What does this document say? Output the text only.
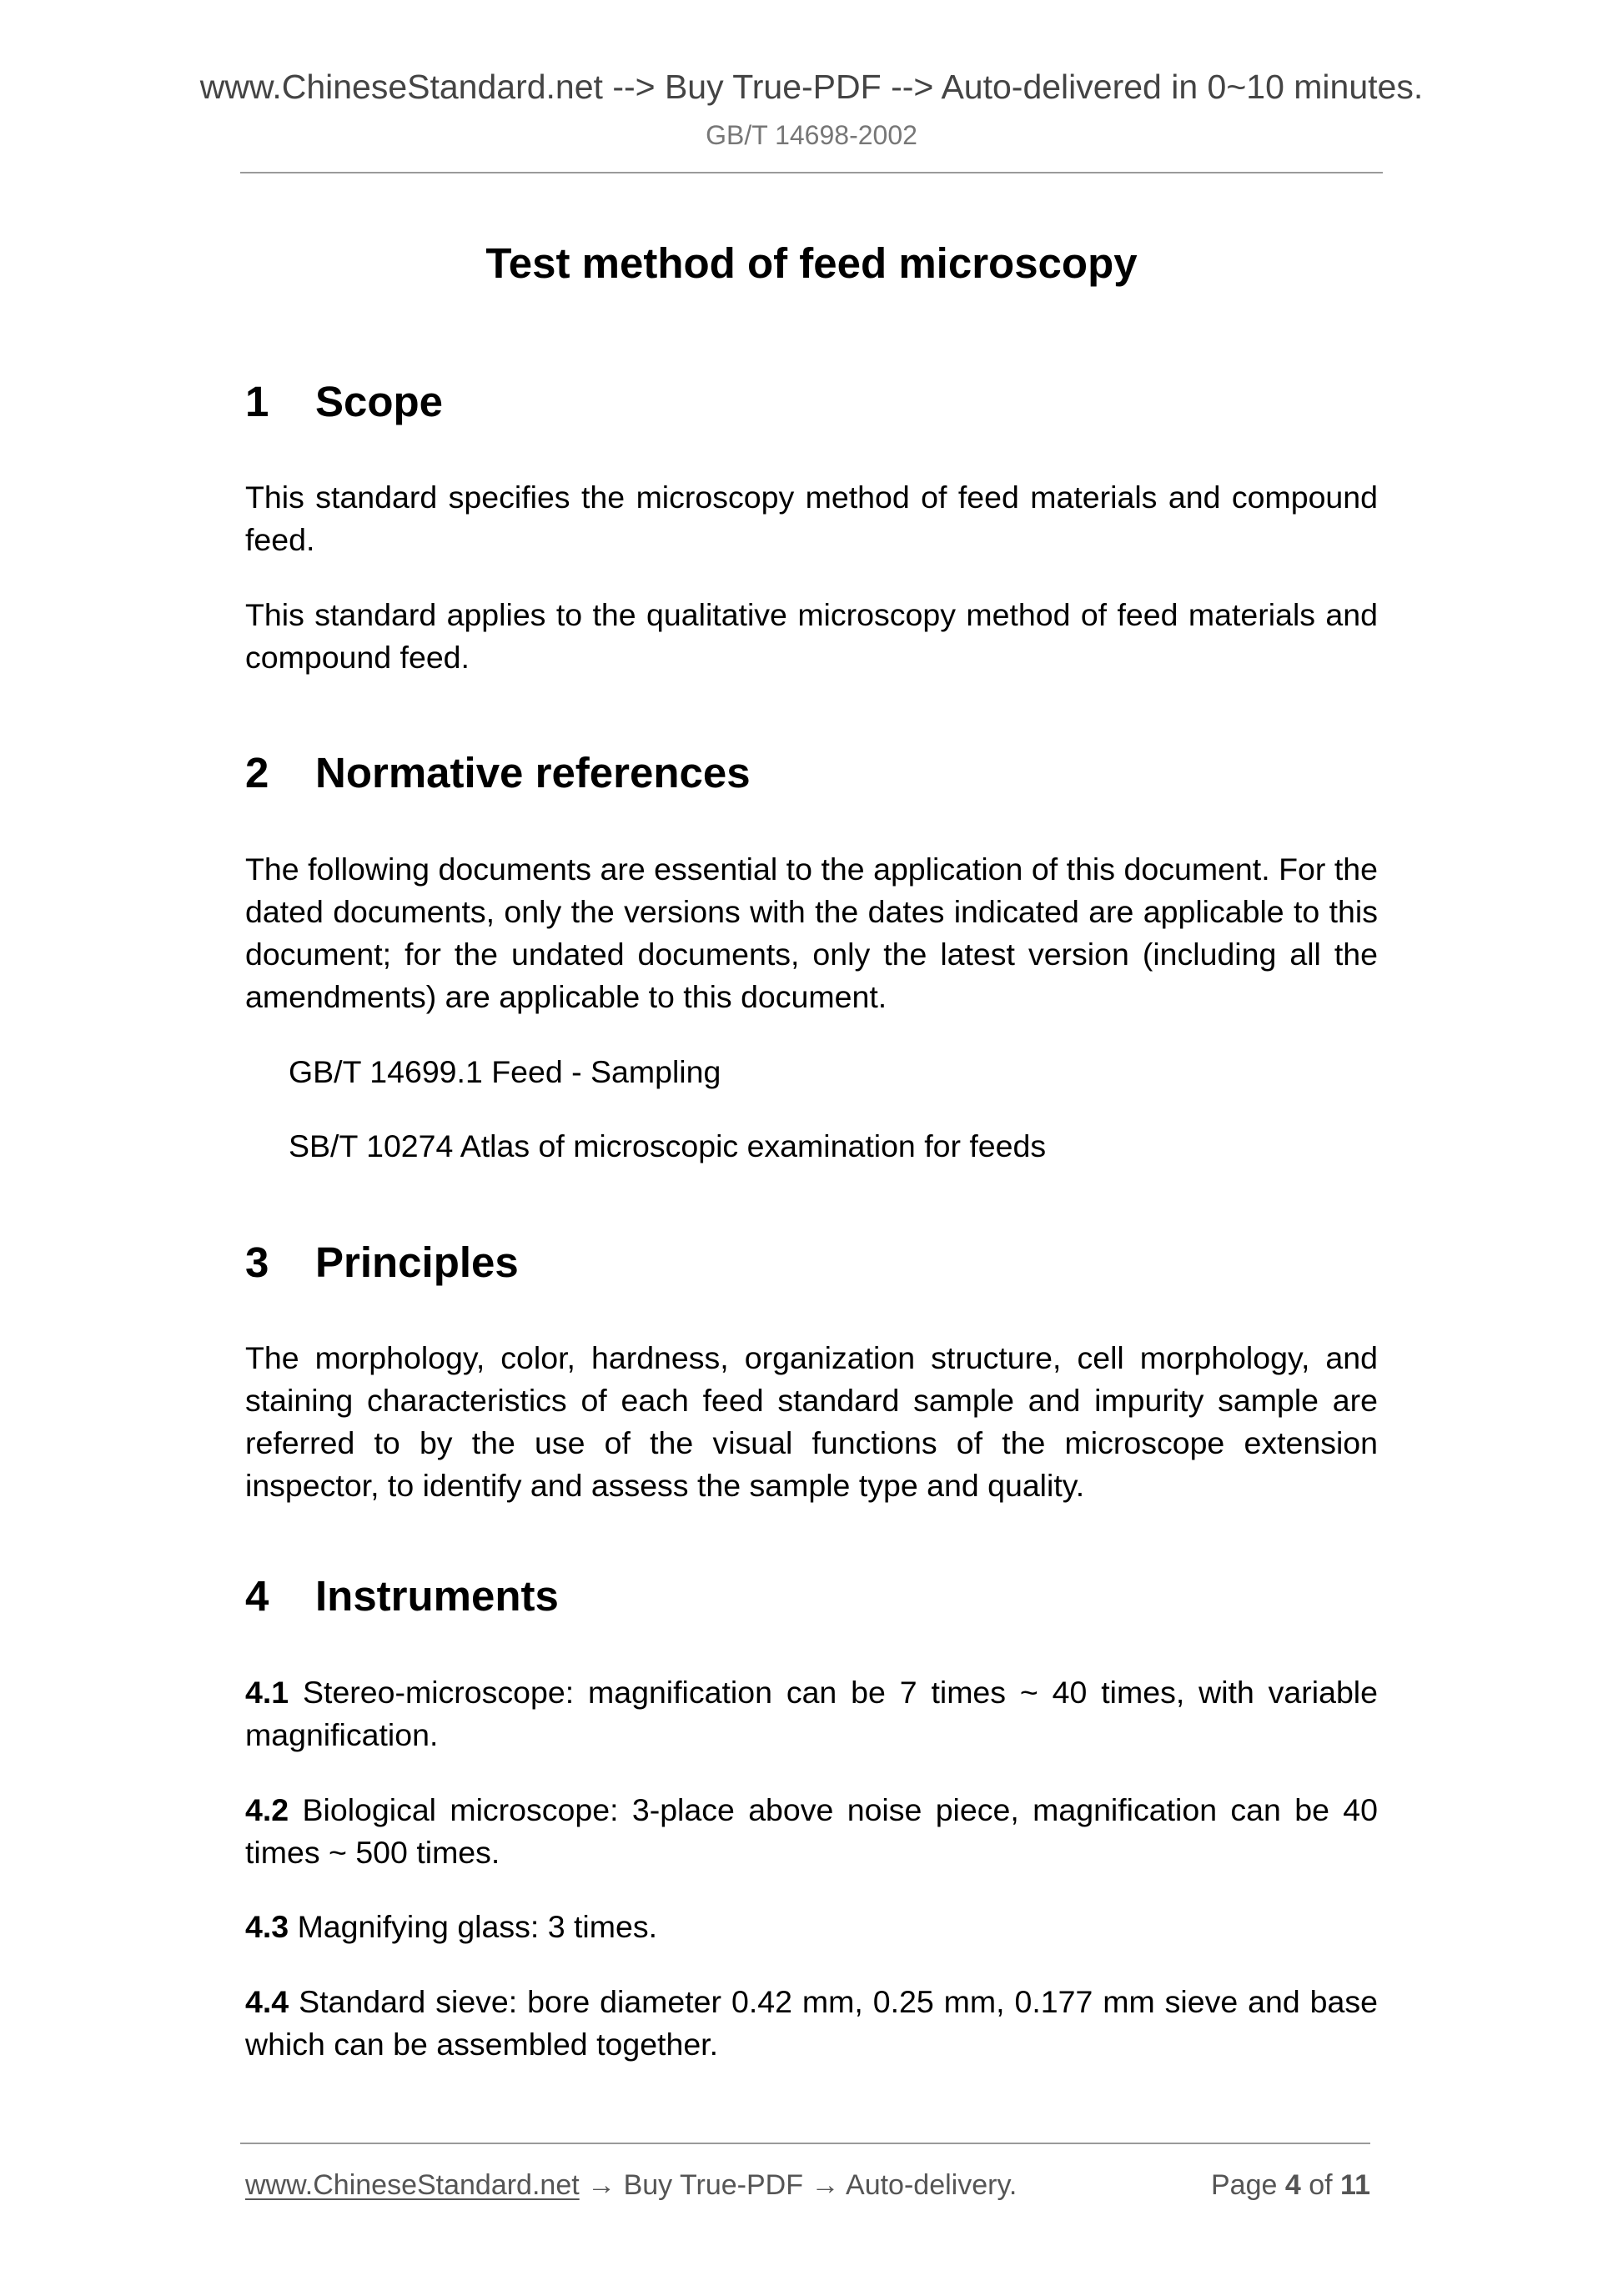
www.ChineseStandard.net --> Buy True-PDF --> Auto-delivered in 0~10 minutes.
GB/T 14698-2002
Test method of feed microscopy
1 Scope
This standard specifies the microscopy method of feed materials and compound feed.
This standard applies to the qualitative microscopy method of feed materials and compound feed.
2 Normative references
The following documents are essential to the application of this document. For the dated documents, only the versions with the dates indicated are applicable to this document; for the undated documents, only the latest version (including all the amendments) are applicable to this document.
GB/T 14699.1 Feed - Sampling
SB/T 10274 Atlas of microscopic examination for feeds
3 Principles
The morphology, color, hardness, organization structure, cell morphology, and staining characteristics of each feed standard sample and impurity sample are referred to by the use of the visual functions of the microscope extension inspector, to identify and assess the sample type and quality.
4 Instruments
4.1 Stereo-microscope: magnification can be 7 times ~ 40 times, with variable magnification.
4.2 Biological microscope: 3-place above noise piece, magnification can be 40 times ~ 500 times.
4.3 Magnifying glass: 3 times.
4.4 Standard sieve: bore diameter 0.42 mm, 0.25 mm, 0.177 mm sieve and base which can be assembled together.
www.ChineseStandard.net → Buy True-PDF → Auto-delivery.	Page 4 of 11
